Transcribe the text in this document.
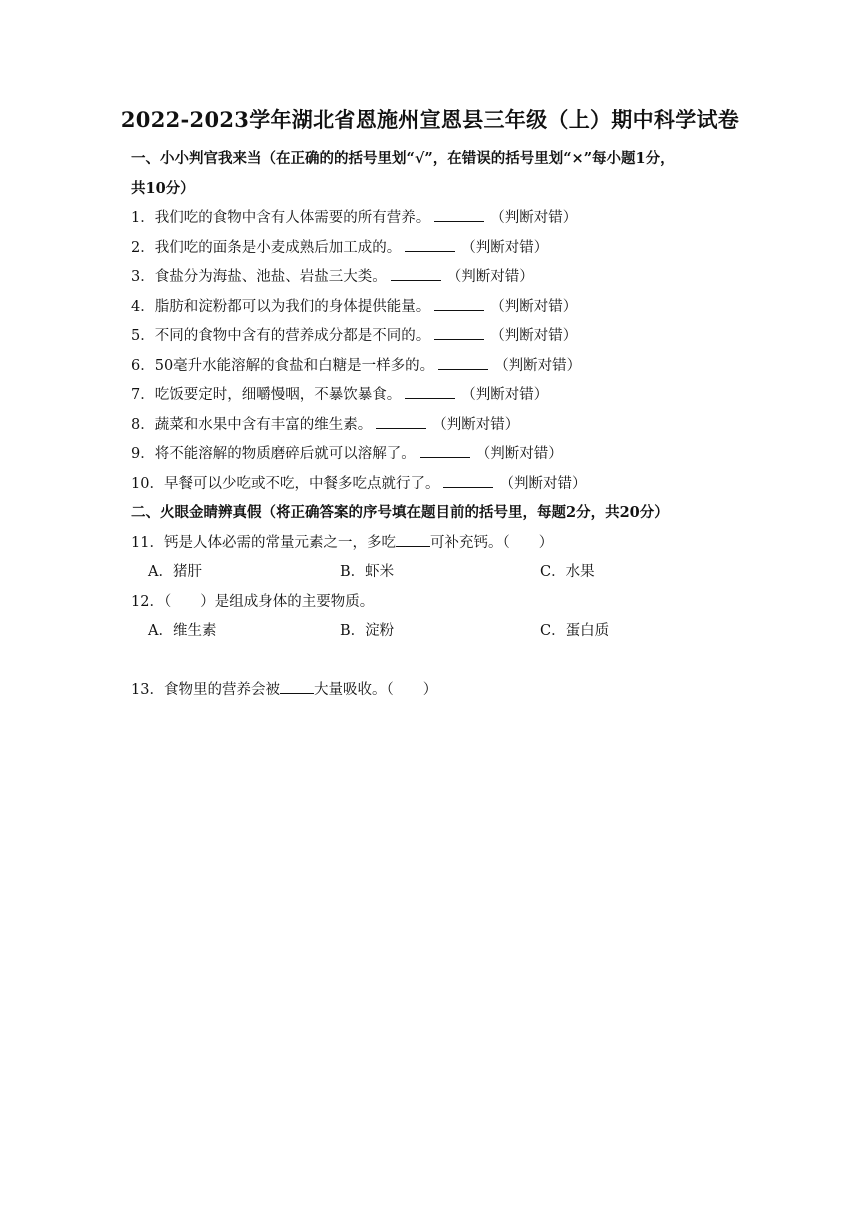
2022-2023学年湖北省恩施州宣恩县三年级（上）期中科学试卷
一、小小判官我来当（在正确的的括号里划“√”，在错误的括号里划“×”每小题1分，
共10分）
1．我们吃的食物中含有人体需要的所有营养。	（判断对错）
2．我们吃的面条是小麦成熟后加工成的。	（判断对错）
3．食盐分为海盐、池盐、岩盐三大类。	（判断对错）
4．脂肪和淀粉都可以为我们的身体提供能量。	（判断对错）
5．不同的食物中含有的营养成分都是不同的。	（判断对错）
6．50毫升水能溶解的食盐和白糖是一样多的。	（判断对错）
7．吃饭要定时，细嚼慢咽，不暴饮暴食。	（判断对错）
8．蔬菜和水果中含有丰富的维生素。	（判断对错）
9．将不能溶解的物质磨碎后就可以溶解了。	（判断对错）
10．早餐可以少吃或不吃，中餐多吃点就行了。	（判断对错）
二、火眼金睛辨真假（将正确答案的序号填在题目前的括号里，每题2分，共20分）
11．钙是人体必需的常量元素之一，多吃 可补充钙。（　　）
A．猪肝	B．虾米	C．水果
12．（　　）是组成身体的主要物质。
A．维生素	B．淀粉	C．蛋白质
13．食物里的营养会被 大量吸收。（　　）
